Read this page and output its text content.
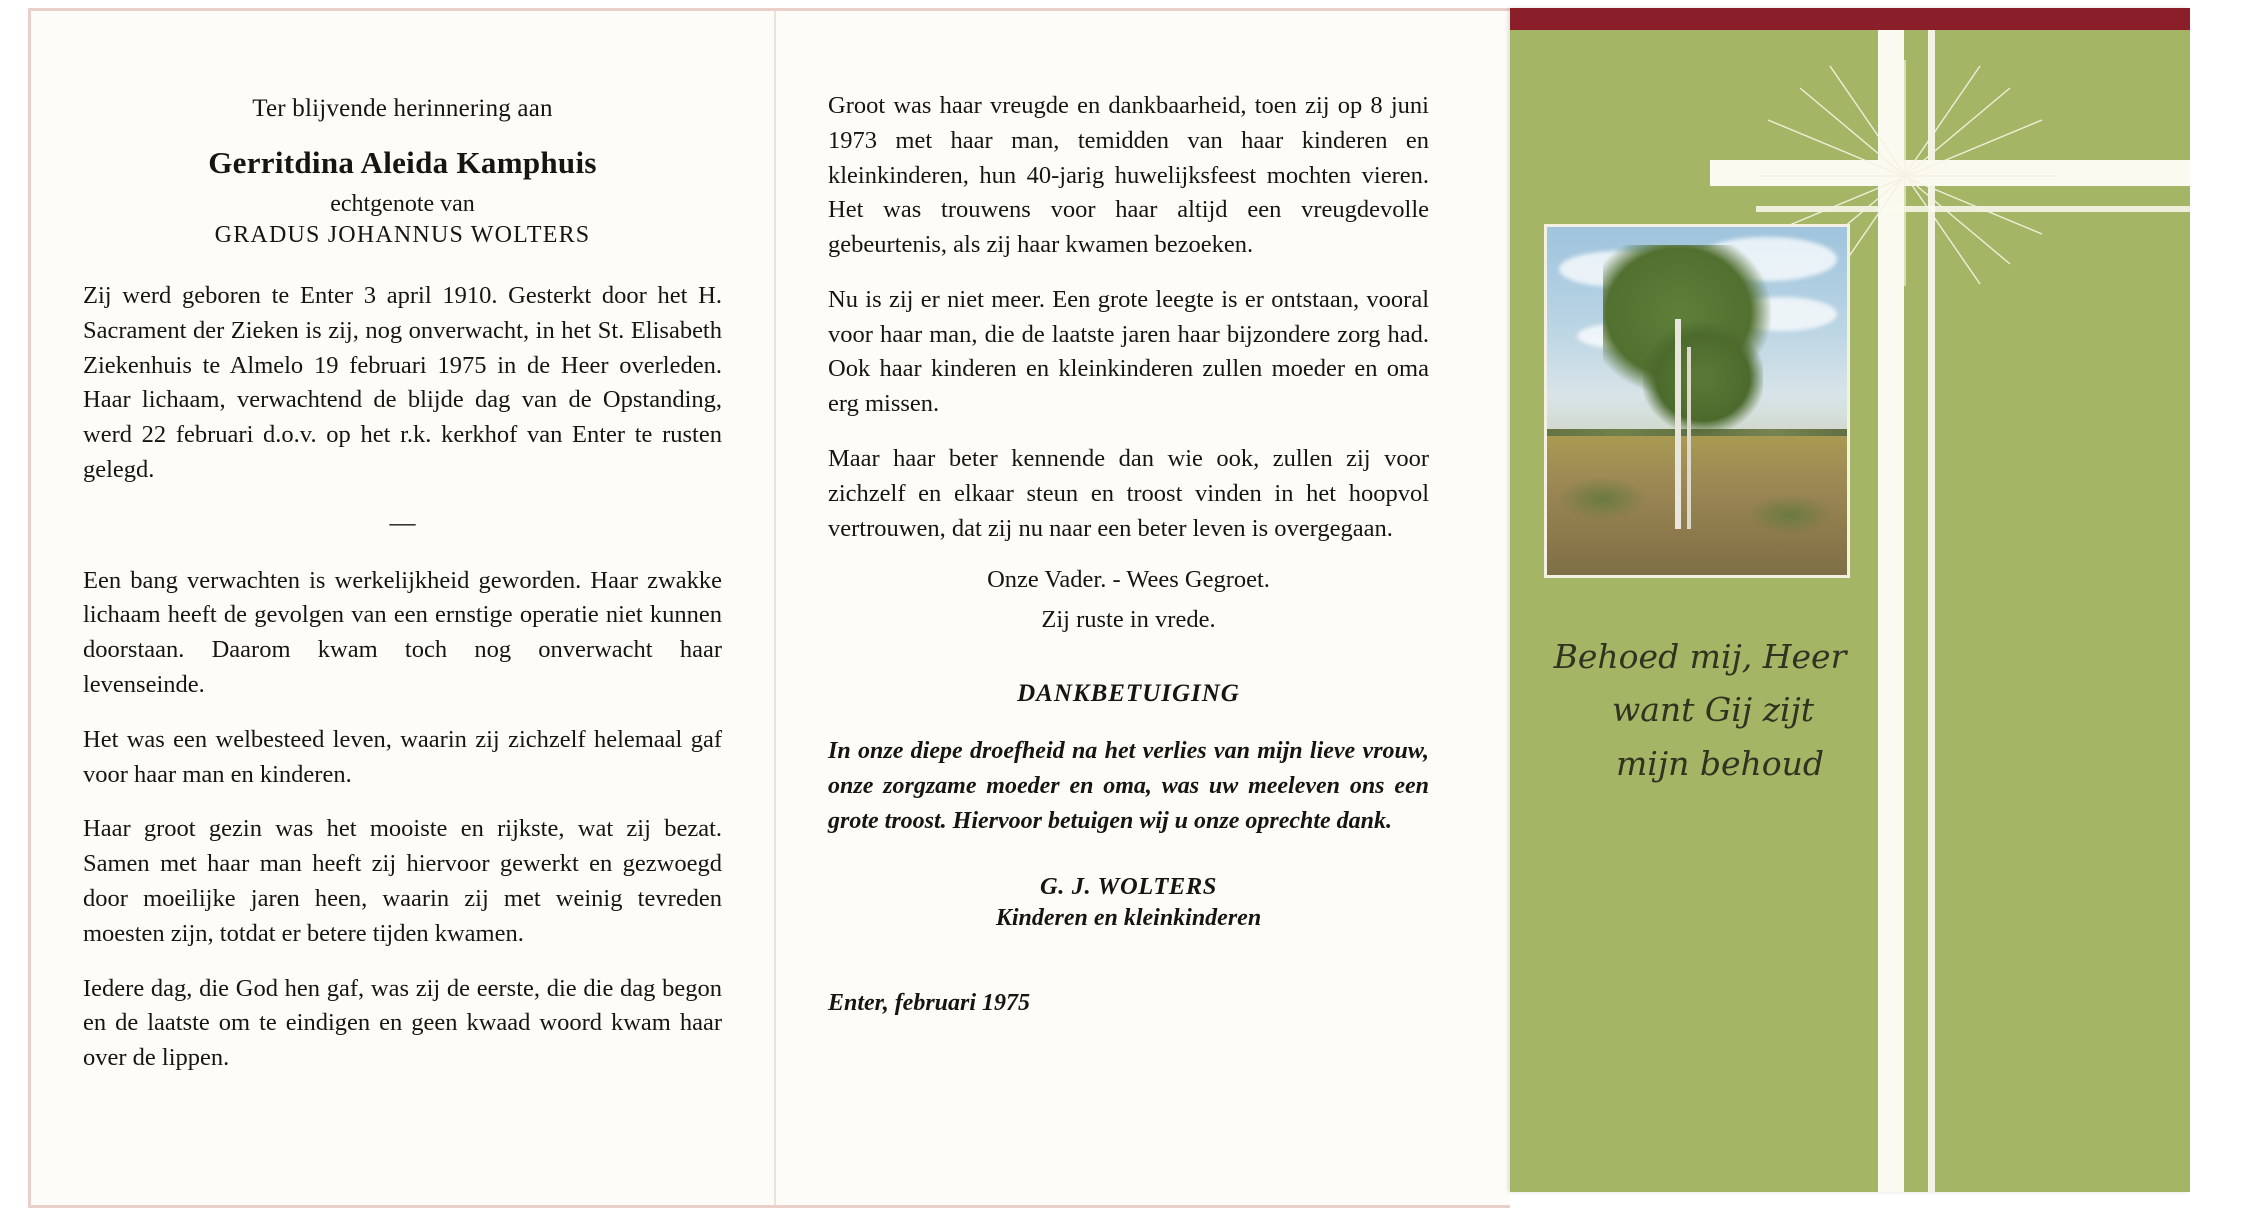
Ter blijvende herinnering aan
Gerritdina Aleida Kamphuis
echtgenote van
GRADUS JOHANNUS WOLTERS

Zij werd geboren te Enter 3 april 1910. Gesterkt door het H. Sacrament der Zieken is zij, nog onverwacht, in het St. Elisabeth Ziekenhuis te Almelo 19 februari 1975 in de Heer overleden. Haar lichaam, verwachtend de blijde dag van de Opstanding, werd 22 februari d.o.v. op het r.k. kerkhof van Enter te rusten gelegd.

—

Een bang verwachten is werkelijkheid geworden. Haar zwakke lichaam heeft de gevolgen van een ernstige operatie niet kunnen doorstaan. Daarom kwam toch nog onverwacht haar levenseinde.

Het was een welbesteed leven, waarin zij zichzelf helemaal gaf voor haar man en kinderen.

Haar groot gezin was het mooiste en rijkste, wat zij bezat. Samen met haar man heeft zij hiervoor gewerkt en gezwoegd door moeilijke jaren heen, waarin zij met weinig tevreden moesten zijn, totdat er betere tijden kwamen.

Iedere dag, die God hen gaf, was zij de eerste, die die dag begon en de laatste om te eindigen en geen kwaad woord kwam haar over de lippen.

Groot was haar vreugde en dankbaarheid, toen zij op 8 juni 1973 met haar man, temidden van haar kinderen en kleinkinderen, hun 40-jarig huwelijksfeest mochten vieren. Het was trouwens voor haar altijd een vreugdevolle gebeurtenis, als zij haar kwamen bezoeken.

Nu is zij er niet meer. Een grote leegte is er ontstaan, vooral voor haar man, die de laatste jaren haar bijzondere zorg had. Ook haar kinderen en kleinkinderen zullen moeder en oma erg missen.

Maar haar beter kennende dan wie ook, zullen zij voor zichzelf en elkaar steun en troost vinden in het hoopvol vertrouwen, dat zij nu naar een beter leven is overgegaan.

Onze Vader. - Wees Gegroet.
Zij ruste in vrede.
DANKBETUIGING

In onze diepe droefheid na het verlies van mijn lieve vrouw, onze zorgzame moeder en oma, was uw meeleven ons een grote troost. Hiervoor betuigen wij u onze oprechte dank.

G. J. WOLTERS
Kinderen en kleinkinderen
Enter, februari 1975
Behoed mij, Heer
want Gij zijt
mijn behoud
